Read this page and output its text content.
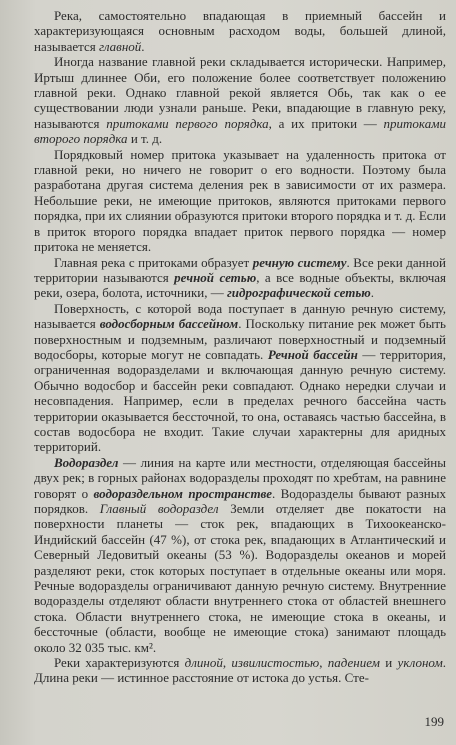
Река, самостоятельно впадающая в приемный бассейн и характеризующаяся основным расходом воды, большей длиной, называется главной.

Иногда название главной реки складывается исторически. Например, Иртыш длиннее Оби, его положение более соответствует положению главной реки. Однако главной рекой является Обь, так как о ее существовании люди узнали раньше. Реки, впадающие в главную реку, называются притоками первого порядка, а их притоки — притоками второго порядка и т. д.

Порядковый номер притока указывает на удаленность притока от главной реки, но ничего не говорит о его водности. Поэтому была разработана другая система деления рек в зависимости от их размера. Небольшие реки, не имеющие притоков, являются притоками первого порядка, при их слиянии образуются притоки второго порядка и т. д. Если в приток второго порядка впадает приток первого порядка — номер притока не меняется.

Главная река с притоками образует речную систему. Все реки данной территории называются речной сетью, а все водные объекты, включая реки, озера, болота, источники, — гидрографической сетью.

Поверхность, с которой вода поступает в данную речную систему, называется водосборным бассейном. Поскольку питание рек может быть поверхностным и подземным, различают поверхностный и подземный водосборы, которые могут не совпадать. Речной бассейн — территория, ограниченная водоразделами и включающая данную речную систему. Обычно водосбор и бассейн реки совпадают. Однако нередки случаи и несовпадения. Например, если в пределах речного бассейна часть территории оказывается бессточной, то она, оставаясь частью бассейна, в состав водосбора не входит. Такие случаи характерны для аридных территорий.

Водораздел — линия на карте или местности, отделяющая бассейны двух рек; в горных районах водоразделы проходят по хребтам, на равнине говорят о водораздельном пространстве. Водоразделы бывают разных порядков. Главный водораздел Земли отделяет две покатости на поверхности планеты — сток рек, впадающих в Тихоокеанско-Индийский бассейн (47 %), от стока рек, впадающих в Атлантический и Северный Ледовитый океаны (53 %). Водоразделы океанов и морей разделяют реки, сток которых поступает в отдельные океаны или моря. Речные водоразделы ограничивают данную речную систему. Внутренние водоразделы отделяют области внутреннего стока от областей внешнего стока. Области внутреннего стока, не имеющие стока в океаны, и бессточные (области, вообще не имеющие стока) занимают площадь около 32 035 тыс. км².

Реки характеризуются длиной, извилистостью, падением и уклоном. Длина реки — истинное расстояние от истока до устья. Сте-

199
